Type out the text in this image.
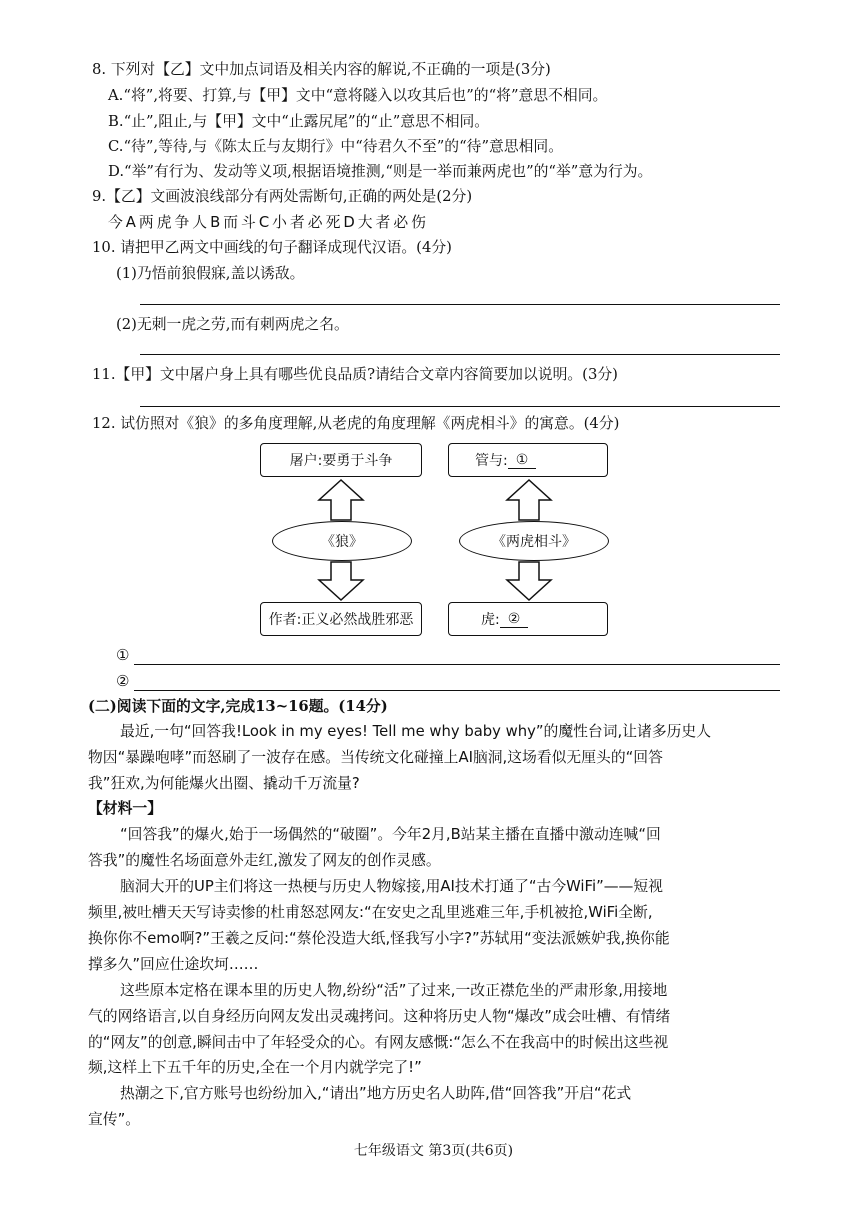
8. 下列对【乙】文中加点词语及相关内容的解说,不正确的一项是(3分)
A.“将”,将要、打算,与【甲】文中“意将隧入以攻其后也”的“将”意思不相同。
B.“止”,阻止,与【甲】文中“止露尻尾”的“止”意思不相同。
C.“待”,等待,与《陈太丘与友期行》中“待君久不至”的“待”意思相同。
D.“举”有行为、发动等义项,根据语境推测,“则是一举而兼两虎也”的“举”意为行为。
9.【乙】文画波浪线部分有两处需断句,正确的两处是(2分)
今A两虎争人B而斗C小者必死D大者必伤
10. 请把甲乙两文中画线的句子翻译成现代汉语。(4分)
(1)乃悟前狼假寐,盖以诱敌。
(2)无刺一虎之劳,而有刺两虎之名。
11.【甲】文中屠户身上具有哪些优良品质?请结合文章内容简要加以说明。(3分)
12. 试仿照对《狼》的多角度理解,从老虎的角度理解《两虎相斗》的寓意。(4分)
屠户:要勇于斗争	管与: ①
《狼》	《两虎相斗》
作者:正义必然战胜邪恶	虎: ②
①
②
(二)阅读下面的文字,完成13~16题。(14分)
最近,一句“回答我!Look in my eyes! Tell me why baby why”的魔性台词,让诸多历史人
物因“暴躁咆哮”而怒刷了一波存在感。当传统文化碰撞上AI脑洞,这场看似无厘头的“回答
我”狂欢,为何能爆火出圈、撬动千万流量?
【材料一】
“回答我”的爆火,始于一场偶然的“破圈”。今年2月,B站某主播在直播中激动连喊“回
答我”的魔性名场面意外走红,激发了网友的创作灵感。
脑洞大开的UP主们将这一热梗与历史人物嫁接,用AI技术打通了“古今WiFi”——短视
频里,被吐槽天天写诗卖惨的杜甫怒怼网友:“在安史之乱里逃难三年,手机被抢,WiFi全断,
换你你不emo啊?”王羲之反问:“蔡伦没造大纸,怪我写小字?”苏轼用“变法派嫉妒我,换你能
撑多久”回应仕途坎坷……
这些原本定格在课本里的历史人物,纷纷“活”了过来,一改正襟危坐的严肃形象,用接地
气的网络语言,以自身经历向网友发出灵魂拷问。这种将历史人物“爆改”成会吐槽、有情绪
的“网友”的创意,瞬间击中了年轻受众的心。有网友感慨:“怎么不在我高中的时候出这些视
频,这样上下五千年的历史,全在一个月内就学完了!”
热潮之下,官方账号也纷纷加入,“请出”地方历史名人助阵,借“回答我”开启“花式
宣传”。
七年级语文 第3页(共6页)
